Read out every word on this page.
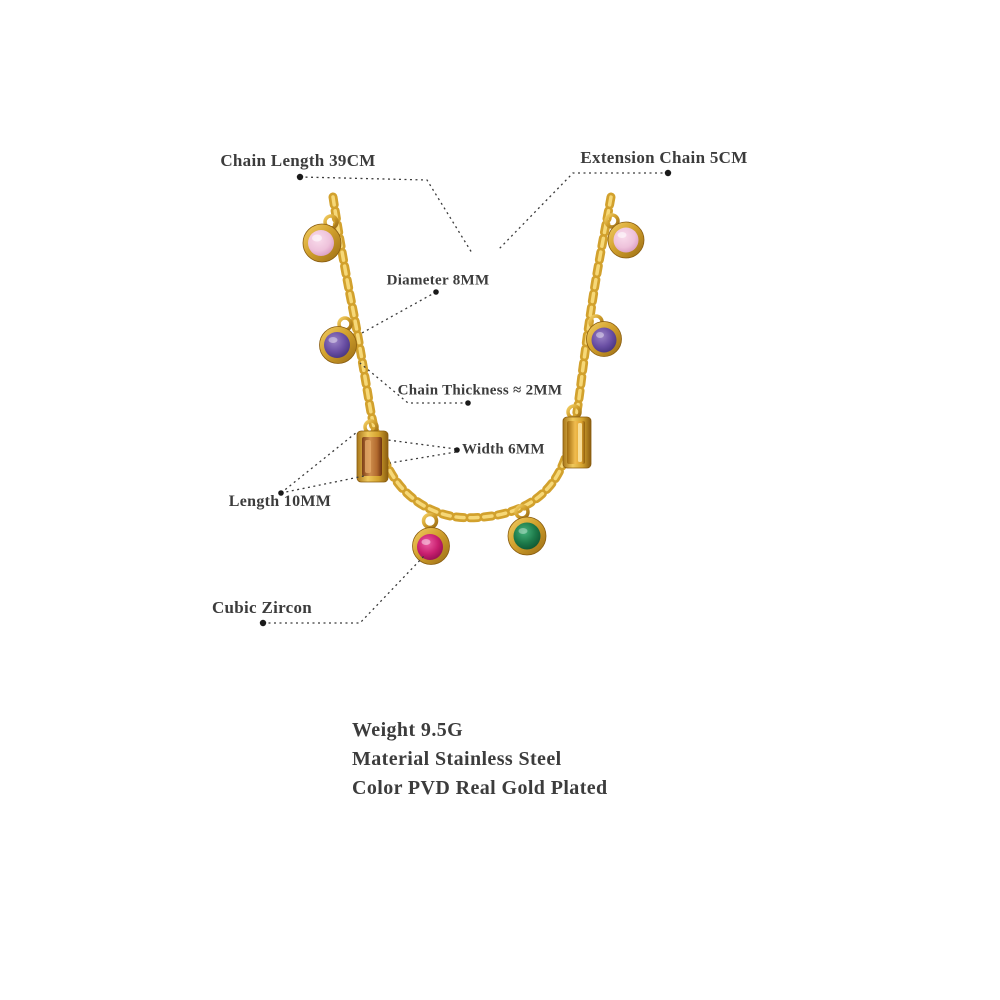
Chain Length 39CM	Extension Chain 5CM
Diameter 8MM
Chain Thickness ≈ 2MM
Width 6MM
Length 10MM
Cubic Zircon
Weight 9.5G
Material Stainless Steel
Color PVD Real Gold Plated
